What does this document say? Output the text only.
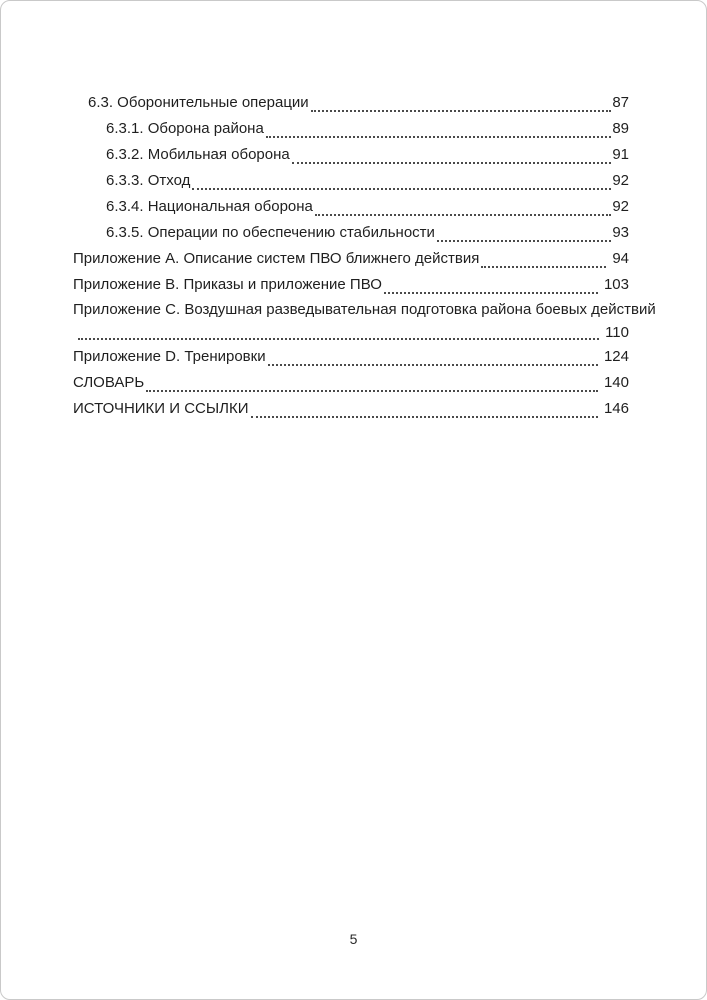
6.3. Оборонительные операции	87
6.3.1. Оборона района	89
6.3.2. Мобильная оборона	91
6.3.3. Отход	92
6.3.4. Национальная оборона	92
6.3.5. Операции по обеспечению стабильности	93
Приложение A. Описание систем ПВО ближнего действия	94
Приложение B. Приказы и приложение ПВО	103
Приложение C. Воздушная разведывательная подготовка района боевых действий
110
Приложение D. Тренировки	124
СЛОВАРЬ	140
ИСТОЧНИКИ И ССЫЛКИ	146
5
